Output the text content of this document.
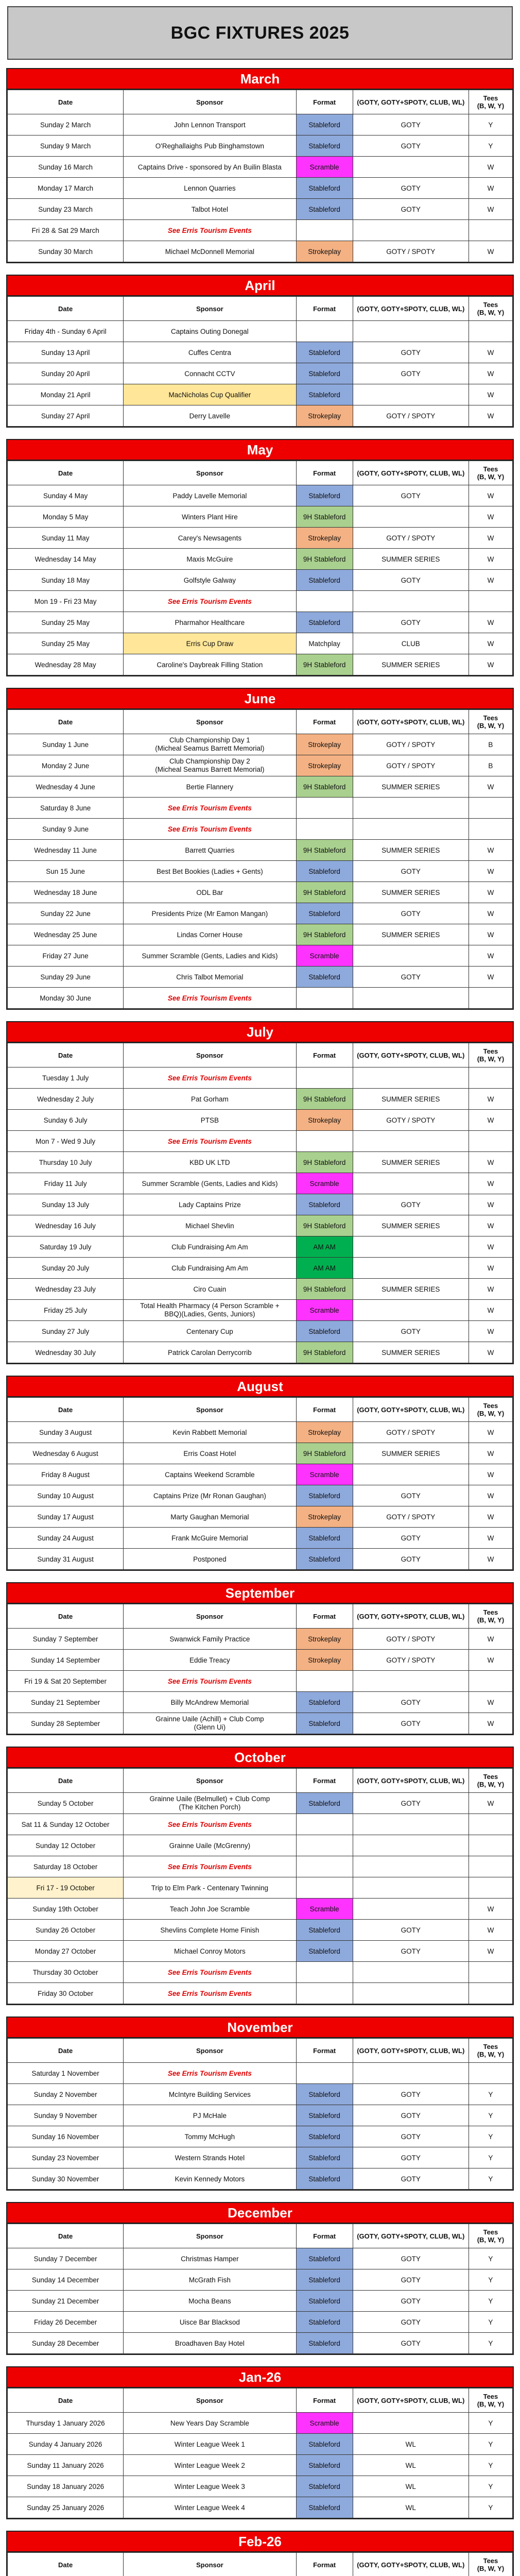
BGC FIXTURES 2025
March
Date	Sponsor	Format	(GOTY, GOTY+SPOTY, CLUB, WL)	Tees
(B, W, Y)
Sunday 2 March	John Lennon Transport	Stableford	GOTY	Y
Sunday 9 March	O'Reghallaighs Pub Binghamstown	Stableford	GOTY	Y
Sunday 16 March	Captains Drive - sponsored by An Builin Blasta	Scramble		W
Monday 17 March	Lennon Quarries	Stableford	GOTY	W
Sunday 23 March	Talbot Hotel	Stableford	GOTY	W
Fri 28 & Sat 29 March	See Erris Tourism Events			
Sunday 30 March	Michael McDonnell Memorial	Strokeplay	GOTY / SPOTY	W
April
Date	Sponsor	Format	(GOTY, GOTY+SPOTY, CLUB, WL)	Tees
(B, W, Y)
Friday 4th - Sunday 6 April	Captains Outing Donegal			
Sunday 13 April	Cuffes Centra	Stableford	GOTY	W
Sunday 20 April	Connacht CCTV	Stableford	GOTY	W
Monday 21 April	MacNicholas Cup Qualifier	Stableford		W
Sunday 27 April	Derry Lavelle	Strokeplay	GOTY / SPOTY	W
May
Date	Sponsor	Format	(GOTY, GOTY+SPOTY, CLUB, WL)	Tees
(B, W, Y)
Sunday 4 May	Paddy Lavelle Memorial	Stableford	GOTY	W
Monday 5 May	Winters Plant Hire	9H Stableford		W
Sunday 11 May	Carey's Newsagents	Strokeplay	GOTY / SPOTY	W
Wednesday 14 May	Maxis McGuire	9H Stableford	SUMMER SERIES	W
Sunday 18 May	Golfstyle Galway	Stableford	GOTY	W
Mon 19 - Fri 23 May	See Erris Tourism Events			
Sunday 25 May	Pharmahor Healthcare	Stableford	GOTY	W
Sunday 25 May	Erris Cup Draw	Matchplay	CLUB	W
Wednesday 28 May	Caroline's Daybreak Filling Station	9H Stableford	SUMMER SERIES	W
June
Date	Sponsor	Format	(GOTY, GOTY+SPOTY, CLUB, WL)	Tees
(B, W, Y)
Sunday 1 June	Club Championship Day 1
(Micheal Seamus Barrett Memorial)	Strokeplay	GOTY / SPOTY	B
Monday 2 June	Club Championship Day 2
(Micheal Seamus Barrett Memorial)	Strokeplay	GOTY / SPOTY	B
Wednesday 4 June	Bertie Flannery	9H Stableford	SUMMER SERIES	W
Saturday 8 June	See Erris Tourism Events			
Sunday 9 June	See Erris Tourism Events			
Wednesday 11 June	Barrett Quarries	9H Stableford	SUMMER SERIES	W
Sun 15 June	Best Bet Bookies (Ladies + Gents)	Stableford	GOTY	W
Wednesday 18 June	ODL Bar	9H Stableford	SUMMER SERIES	W
Sunday 22 June	Presidents Prize (Mr Eamon Mangan)	Stableford	GOTY	W
Wednesday 25 June	Lindas Corner House	9H Stableford	SUMMER SERIES	W
Friday 27 June	Summer Scramble (Gents, Ladies and Kids)	Scramble		W
Sunday 29 June	Chris Talbot Memorial	Stableford	GOTY	W
Monday 30 June	See Erris Tourism Events			
July
Date	Sponsor	Format	(GOTY, GOTY+SPOTY, CLUB, WL)	Tees
(B, W, Y)
Tuesday 1 July	See Erris Tourism Events			
Wednesday 2 July	Pat Gorham	9H Stableford	SUMMER SERIES	W
Sunday 6 July	PTSB	Strokeplay	GOTY / SPOTY	W
Mon 7 - Wed 9 July	See Erris Tourism Events			
Thursday 10 July	KBD UK LTD	9H Stableford	SUMMER SERIES	W
Friday 11 July	Summer Scramble (Gents, Ladies and Kids)	Scramble		W
Sunday 13 July	Lady Captains Prize	Stableford	GOTY	W
Wednesday 16 July	Michael Shevlin	9H Stableford	SUMMER SERIES	W
Saturday 19 July	Club Fundraising Am Am	AM AM		W
Sunday 20 July	Club Fundraising Am Am	AM AM		W
Wednesday 23 July	Ciro Cuain	9H Stableford	SUMMER SERIES	W
Friday 25 July	Total Health Pharmacy (4 Person Scramble +
BBQ)(Ladies, Gents, Juniors)	Scramble		W
Sunday 27 July	Centenary Cup	Stableford	GOTY	W
Wednesday 30 July	Patrick Carolan Derrycorrib	9H Stableford	SUMMER SERIES	W
August
Date	Sponsor	Format	(GOTY, GOTY+SPOTY, CLUB, WL)	Tees
(B, W, Y)
Sunday 3 August	Kevin Rabbett Memorial	Strokeplay	GOTY / SPOTY	W
Wednesday 6 August	Erris Coast Hotel	9H Stableford	SUMMER SERIES	W
Friday 8 August	Captains Weekend Scramble	Scramble		W
Sunday 10 August	Captains Prize (Mr Ronan Gaughan)	Stableford	GOTY	W
Sunday 17 August	Marty Gaughan Memorial	Strokeplay	GOTY / SPOTY	W
Sunday 24 August	Frank McGuire Memorial	Stableford	GOTY	W
Sunday 31 August	Postponed	Stableford	GOTY	W
September
Date	Sponsor	Format	(GOTY, GOTY+SPOTY, CLUB, WL)	Tees
(B, W, Y)
Sunday 7 September	Swanwick Family Practice	Strokeplay	GOTY / SPOTY	W
Sunday 14 September	Eddie Treacy	Strokeplay	GOTY / SPOTY	W
Fri 19 & Sat 20 September	See Erris Tourism Events			
Sunday 21 September	Billy McAndrew Memorial	Stableford	GOTY	W
Sunday 28 September	Grainne Uaile (Achill) + Club Comp
(Glenn Ui)	Stableford	GOTY	W
October
Date	Sponsor	Format	(GOTY, GOTY+SPOTY, CLUB, WL)	Tees
(B, W, Y)
Sunday 5 October	Grainne Uaile (Belmullet) + Club Comp
(The Kitchen Porch)	Stableford	GOTY	W
Sat 11 & Sunday 12 October	See Erris Tourism Events			
Sunday 12 October	Grainne Uaile (McGrenny)			
Saturday 18 October	See Erris Tourism Events			
Fri 17 - 19 October	Trip to Elm Park - Centenary Twinning			
Sunday 19th October	Teach John Joe Scramble	Scramble		W
Sunday 26 October	Shevlins Complete Home Finish	Stableford	GOTY	W
Monday 27 October	Michael Conroy Motors	Stableford	GOTY	W
Thursday 30 October	See Erris Tourism Events			
Friday 30 October	See Erris Tourism Events			
November
Date	Sponsor	Format	(GOTY, GOTY+SPOTY, CLUB, WL)	Tees
(B, W, Y)
Saturday 1 November	See Erris Tourism Events			
Sunday 2 November	McIntyre Building Services	Stableford	GOTY	Y
Sunday 9 November	PJ McHale	Stableford	GOTY	Y
Sunday 16 November	Tommy McHugh	Stableford	GOTY	Y
Sunday 23 November	Western Strands Hotel	Stableford	GOTY	Y
Sunday 30 November	Kevin Kennedy Motors	Stableford	GOTY	Y
December
Date	Sponsor	Format	(GOTY, GOTY+SPOTY, CLUB, WL)	Tees
(B, W, Y)
Sunday 7 December	Christmas Hamper	Stableford	GOTY	Y
Sunday 14 December	McGrath Fish	Stableford	GOTY	Y
Sunday 21 December	Mocha Beans	Stableford	GOTY	Y
Friday 26 December	Uisce Bar Blacksod	Stableford	GOTY	Y
Sunday 28 December	Broadhaven Bay Hotel	Stableford	GOTY	Y
Jan-26
Date	Sponsor	Format	(GOTY, GOTY+SPOTY, CLUB, WL)	Tees
(B, W, Y)
Thursday 1 January 2026	New Years Day Scramble	Scramble		Y
Sunday 4 January 2026	Winter League Week 1	Stableford	WL	Y
Sunday 11 January 2026	Winter League Week 2	Stableford	WL	Y
Sunday 18 January 2026	Winter League Week 3	Stableford	WL	Y
Sunday 25 January 2026	Winter League Week 4	Stableford	WL	Y
Feb-26
Date	Sponsor	Format	(GOTY, GOTY+SPOTY, CLUB, WL)	Tees
(B, W, Y)
